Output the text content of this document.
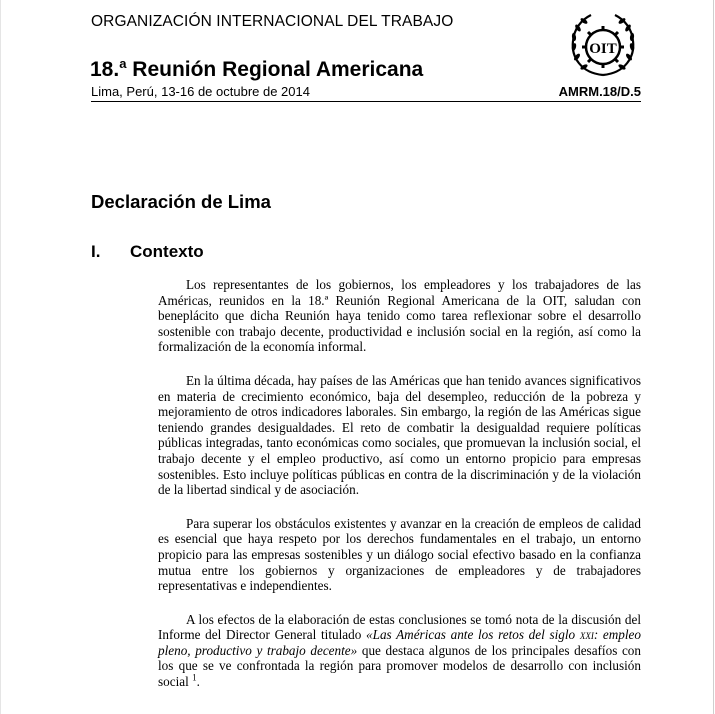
ORGANIZACIÓN INTERNACIONAL DEL TRABAJO
OIT
18.$^a$ Reunión Regional Americana
Lima, Perú, 13-16 de octubre de 2014	AMRM.18/D.5
Declaración de Lima
I. Contexto

Los representantes de los gobiernos, los empleadores y los trabajadores de las Américas, reunidos en la 18.ª Reunión Regional Americana de la OIT, saludan con beneplácito que dicha Reunión haya tenido como tarea reflexionar sobre el desarrollo sostenible con trabajo decente, productividad e inclusión social en la región, así como la formalización de la economía informal.

En la última década, hay países de las Américas que han tenido avances significativos en materia de crecimiento económico, baja del desempleo, reducción de la pobreza y mejoramiento de otros indicadores laborales. Sin embargo, la región de las Américas sigue teniendo grandes desigualdades. El reto de combatir la desigualdad requiere políticas públicas integradas, tanto económicas como sociales, que promuevan la inclusión social, el trabajo decente y el empleo productivo, así como un entorno propicio para empresas sostenibles. Esto incluye políticas públicas en contra de la discriminación y de la violación de la libertad sindical y de asociación.

Para superar los obstáculos existentes y avanzar en la creación de empleos de calidad es esencial que haya respeto por los derechos fundamentales en el trabajo, un entorno propicio para las empresas sostenibles y un diálogo social efectivo basado en la confianza mutua entre los gobiernos y organizaciones de empleadores y de trabajadores representativas e independientes.

A los efectos de la elaboración de estas conclusiones se tomó nota de la discusión del Informe del Director General titulado «Las Américas ante los retos del siglo xxi: empleo pleno, productivo y trabajo decente» que destaca algunos de los principales desafíos con los que se ve confrontada la región para promover modelos de desarrollo con inclusión social $^1$.
